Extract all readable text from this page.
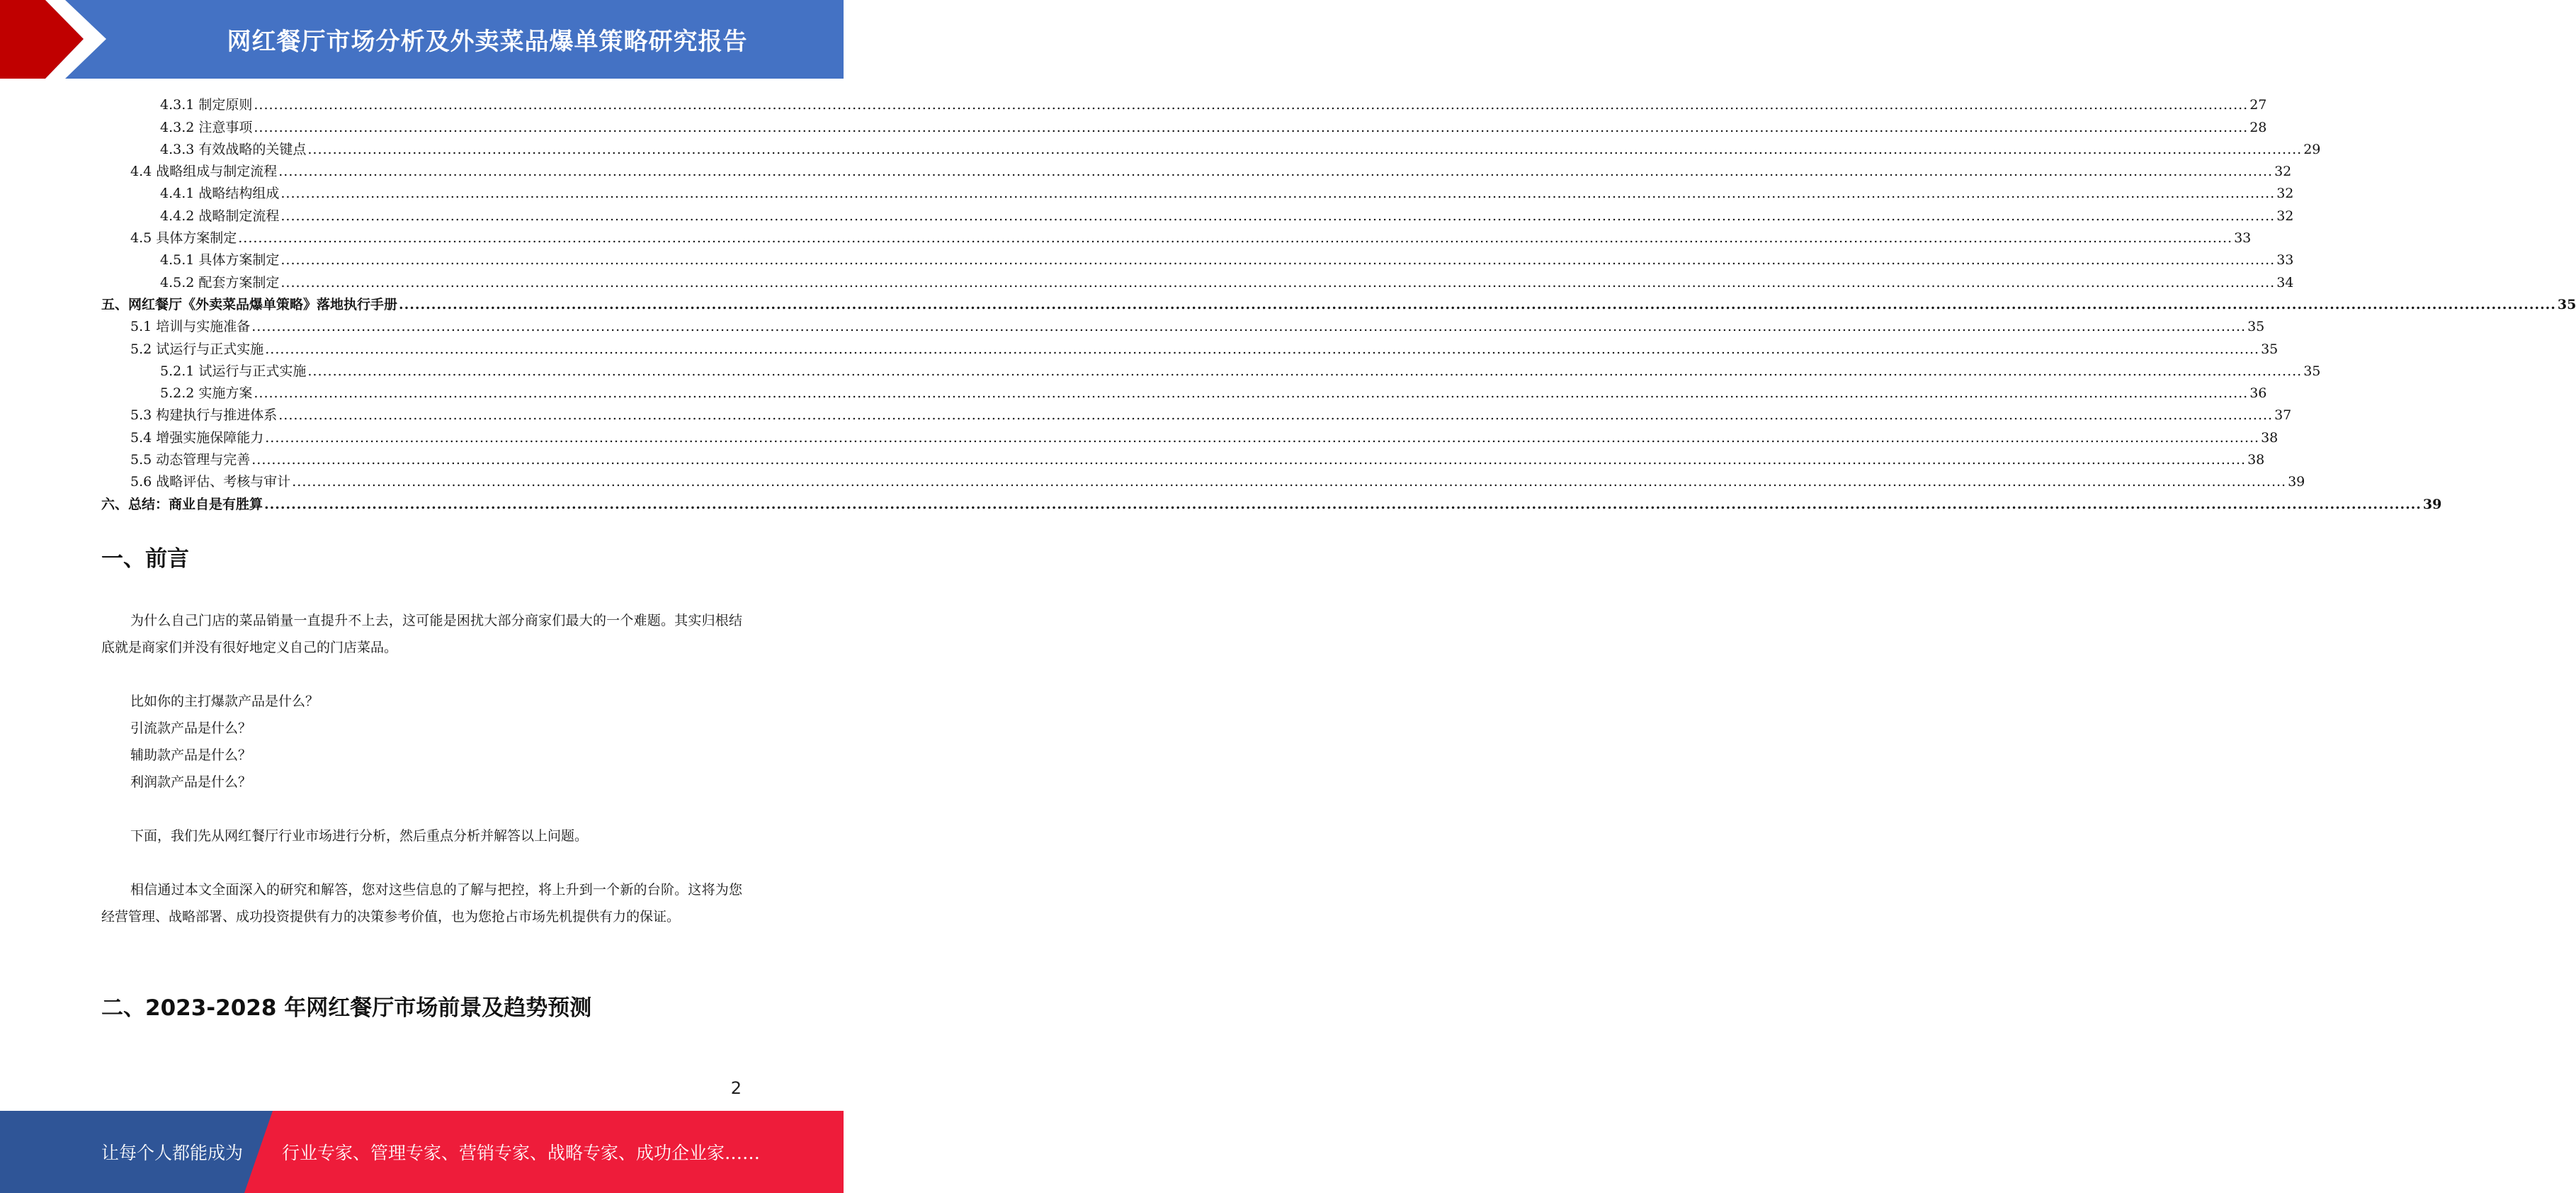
网红餐厅市场分析及外卖菜品爆单策略研究报告
4.3.1 制定原则 ................................................................................................................................................................................................................................................................................................................................................................................................................ 27
4.3.2 注意事项 ................................................................................................................................................................................................................................................................................................................................................................................................................ 28
4.3.3 有效战略的关键点 ................................................................................................................................................................................................................................................................................................................................................................................................................ 29
4.4 战略组成与制定流程 ................................................................................................................................................................................................................................................................................................................................................................................................................ 32
4.4.1 战略结构组成 ................................................................................................................................................................................................................................................................................................................................................................................................................ 32
4.4.2 战略制定流程 ................................................................................................................................................................................................................................................................................................................................................................................................................ 32
4.5 具体方案制定 ................................................................................................................................................................................................................................................................................................................................................................................................................ 33
4.5.1 具体方案制定 ................................................................................................................................................................................................................................................................................................................................................................................................................ 33
4.5.2 配套方案制定 ................................................................................................................................................................................................................................................................................................................................................................................................................ 34
五、网红餐厅《外卖菜品爆单策略》落地执行手册 ................................................................................................................................................................................................................................................................................................................................................................................................................ 35
5.1 培训与实施准备 ................................................................................................................................................................................................................................................................................................................................................................................................................ 35
5.2 试运行与正式实施 ................................................................................................................................................................................................................................................................................................................................................................................................................ 35
5.2.1 试运行与正式实施 ................................................................................................................................................................................................................................................................................................................................................................................................................ 35
5.2.2 实施方案 ................................................................................................................................................................................................................................................................................................................................................................................................................ 36
5.3 构建执行与推进体系 ................................................................................................................................................................................................................................................................................................................................................................................................................ 37
5.4 增强实施保障能力 ................................................................................................................................................................................................................................................................................................................................................................................................................ 38
5.5 动态管理与完善 ................................................................................................................................................................................................................................................................................................................................................................................................................ 38
5.6 战略评估、考核与审计 ................................................................................................................................................................................................................................................................................................................................................................................................................ 39
六、总结：商业自是有胜算 ................................................................................................................................................................................................................................................................................................................................................................................................................ 39
一、前言

为什么自己门店的菜品销量一直提升不上去，这可能是困扰大部分商家们最大的一个难题。其实归根结底就是商家们并没有很好地定义自己的门店菜品。

比如你的主打爆款产品是什么？

引流款产品是什么？

辅助款产品是什么？

利润款产品是什么？

下面，我们先从网红餐厅行业市场进行分析，然后重点分析并解答以上问题。

相信通过本文全面深入的研究和解答，您对这些信息的了解与把控，将上升到一个新的台阶。这将为您经营管理、战略部署、成功投资提供有力的决策参考价值，也为您抢占市场先机提供有力的保证。

二、2023-2028 年网红餐厅市场前景及趋势预测
2
让每个人都能成为 行业专家、管理专家、营销专家、战略专家、成功企业家……
